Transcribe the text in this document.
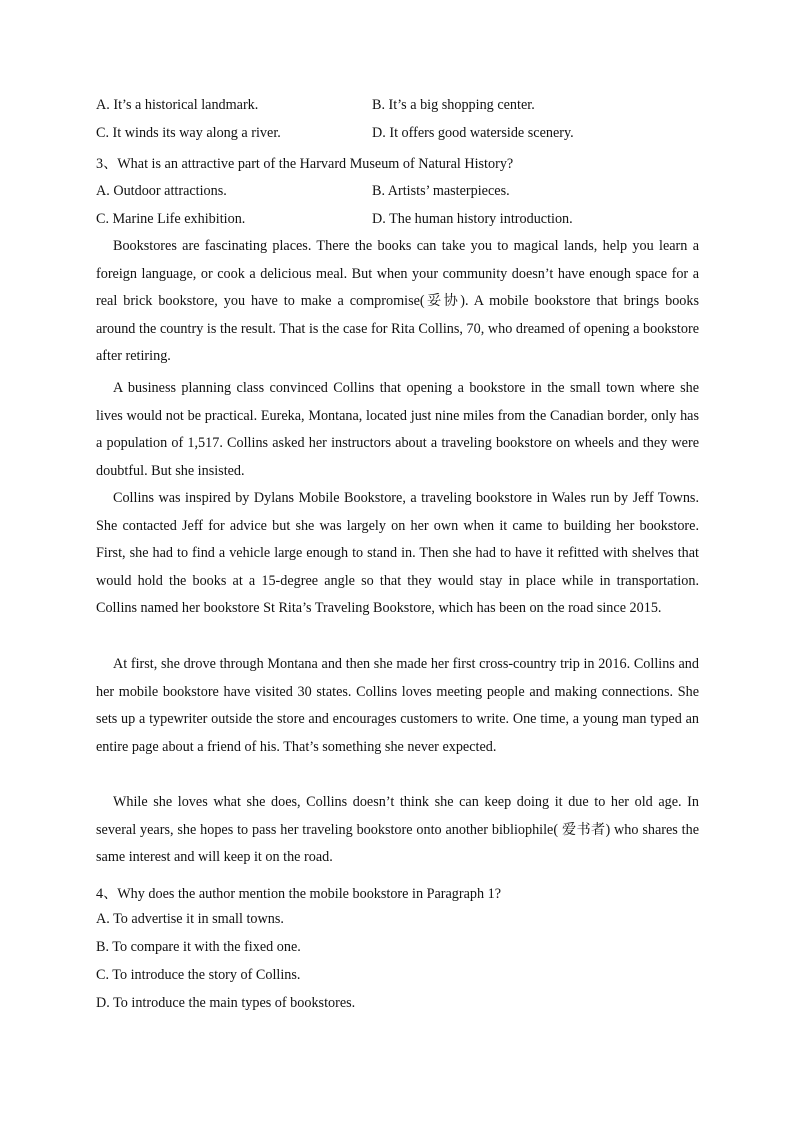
A. It’s a historical landmark.	B. It’s a big shopping center.
C. It winds its way along a river.	D. It offers good waterside scenery.
3、What is an attractive part of the Harvard Museum of Natural History?
A. Outdoor attractions.	B. Artists’ masterpieces.
C. Marine Life exhibition.	D. The human history introduction.

Bookstores are fascinating places. There the books can take you to magical lands, help you learn a foreign language, or cook a delicious meal. But when your community doesn’t have enough space for a real brick bookstore, you have to make a compromise(妥协). A mobile bookstore that brings books around the country is the result. That is the case for Rita Collins, 70, who dreamed of opening a bookstore after retiring.

A business planning class convinced Collins that opening a bookstore in the small town where she lives would not be practical. Eureka, Montana, located just nine miles from the Canadian border, only has a population of 1,517. Collins asked her instructors about a traveling bookstore on wheels and they were doubtful. But she insisted.

Collins was inspired by Dylans Mobile Bookstore, a traveling bookstore in Wales run by Jeff Towns. She contacted Jeff for advice but she was largely on her own when it came to building her bookstore. First, she had to find a vehicle large enough to stand in. Then she had to have it refitted with shelves that would hold the books at a 15-degree angle so that they would stay in place while in transportation. Collins named her bookstore St Rita’s Traveling Bookstore, which has been on the road since 2015.

At first, she drove through Montana and then she made her first cross-country trip in 2016. Collins and her mobile bookstore have visited 30 states. Collins loves meeting people and making connections. She sets up a typewriter outside the store and encourages customers to write. One time, a young man typed an entire page about a friend of his. That’s something she never expected.

While she loves what she does, Collins doesn’t think she can keep doing it due to her old age. In several years, she hopes to pass her traveling bookstore onto another bibliophile( 爱书者) who shares the same interest and will keep it on the road.

4、Why does the author mention the mobile bookstore in Paragraph 1?
A. To advertise it in small towns.
B. To compare it with the fixed one.
C. To introduce the story of Collins.
D. To introduce the main types of bookstores.
